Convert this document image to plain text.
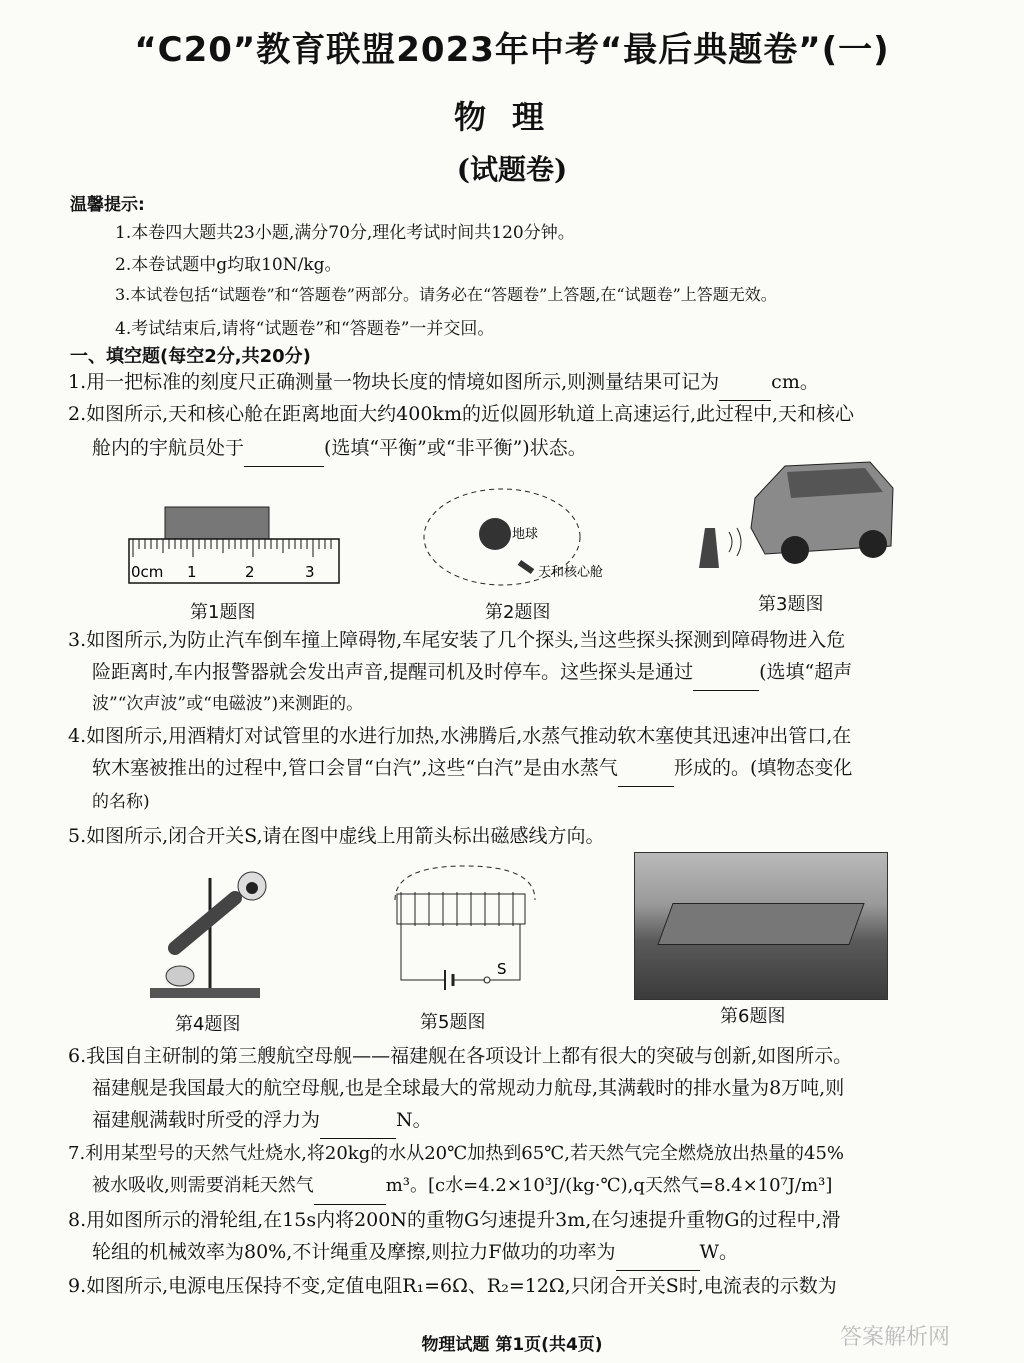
“C20”教育联盟2023年中考“最后典题卷”(一)
物理
(试题卷)
温馨提示:
1.本卷四大题共23小题,满分70分,理化考试时间共120分钟。
2.本卷试题中g均取10N/kg。
3.本试卷包括“试题卷”和“答题卷”两部分。请务必在“答题卷”上答题,在“试题卷”上答题无效。
4.考试结束后,请将“试题卷”和“答题卷”一并交回。
一、填空题(每空2分,共20分)
1.用一把标准的刻度尺正确测量一物块长度的情境如图所示,则测量结果可记为	cm。
2.如图所示,天和核心舱在距离地面大约400km的近似圆形轨道上高速运行,此过程中,天和核心
舱内的宇航员处于	(选填“平衡”或“非平衡”)状态。
0cm 1	2	3
第1题图
地球
天和核心舱
第2题图	第3题图
3.如图所示,为防止汽车倒车撞上障碍物,车尾安装了几个探头,当这些探头探测到障碍物进入危
险距离时,车内报警器就会发出声音,提醒司机及时停车。这些探头是通过	(选填“超声
波”“次声波”或“电磁波”)来测距的。
4.如图所示,用酒精灯对试管里的水进行加热,水沸腾后,水蒸气推动软木塞使其迅速冲出管口,在
软木塞被推出的过程中,管口会冒“白汽”,这些“白汽”是由水蒸气	形成的。(填物态变化
的名称)
5.如图所示,闭合开关S,请在图中虚线上用箭头标出磁感线方向。
第4题图
S
第5题图	第6题图
6.我国自主研制的第三艘航空母舰——福建舰在各项设计上都有很大的突破与创新,如图所示。
福建舰是我国最大的航空母舰,也是全球最大的常规动力航母,其满载时的排水量为8万吨,则
福建舰满载时所受的浮力为	N。
7.利用某型号的天然气灶烧水,将20kg的水从20℃加热到65℃,若天然气完全燃烧放出热量的45%
被水吸收,则需要消耗天然气	m³。[c水=4.2×10³J/(kg·℃),q天然气=8.4×10⁷J/m³]
8.用如图所示的滑轮组,在15s内将200N的重物G匀速提升3m,在匀速提升重物G的过程中,滑
轮组的机械效率为80%,不计绳重及摩擦,则拉力F做功的功率为	W。
9.如图所示,电源电压保持不变,定值电阻R₁=6Ω、R₂=12Ω,只闭合开关S时,电流表的示数为
物理试题 第1页(共4页)	答案解析网
